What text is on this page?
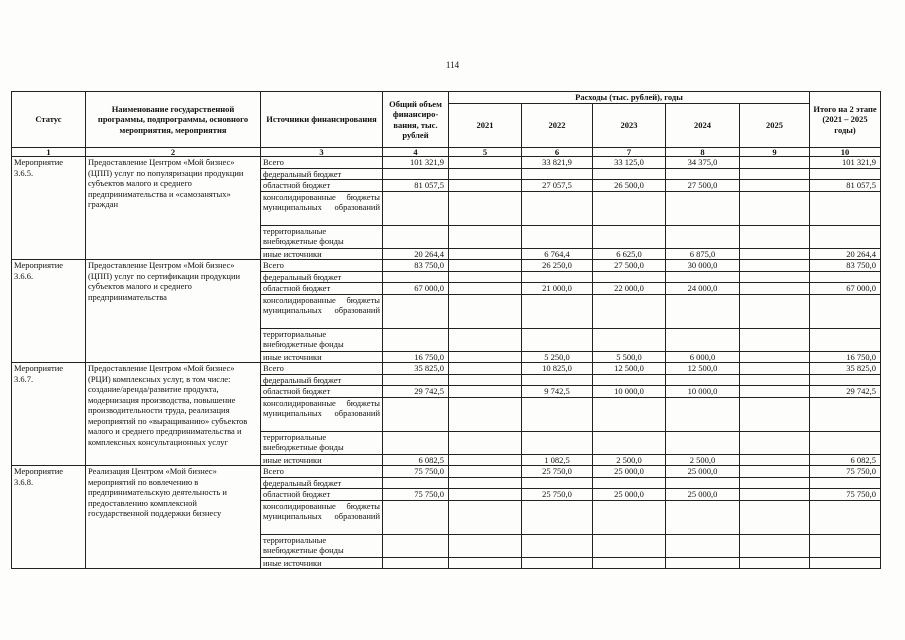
114
Статус	Наименование государственной программы, подпрограммы, основного мероприятия, мероприятия	Источники финансирования	Общий объем финансиро-вания, тыс. рублей	Расходы (тыс. рублей), годы					Итого на 2 этапе (2021 – 2025 годы)
				2021	2022	2023	2024	2025	
1	2	3	4	5	6	7	8	9	10
Мероприятие 3.6.5.	Предоставление Центром «Мой бизнес» (ЦПП) услуг по популяризации продукции субъектов малого и среднего предпринимательства и «самозанятых» граждан	Всего	101 321,9		33 821,9	33 125,0	34 375,0		101 321,9
		федеральный бюджет							
		областной бюджет	81 057,5		27 057,5	26 500,0	27 500,0		81 057,5
		консолидированные бюджеты муниципальных образований							
		территориальные внебюджетные фонды							
		иные источники	20 264,4		6 764,4	6 625,0	6 875,0		20 264,4
Мероприятие 3.6.6.	Предоставление Центром «Мой бизнес» (ЦПП) услуг по сертификации продукции субъектов малого и среднего предпринимательства	Всего	83 750,0		26 250,0	27 500,0	30 000,0		83 750,0
		федеральный бюджет							
		областной бюджет	67 000,0		21 000,0	22 000,0	24 000,0		67 000,0
		консолидированные бюджеты муниципальных образований							
		территориальные внебюджетные фонды							
		иные источники	16 750,0		5 250,0	5 500,0	6 000,0		16 750,0
Мероприятие 3.6.7.	Предоставление Центром «Мой бизнес» (РЦИ) комплексных услуг, в том числе: создание/аренда/развитие продукта, модернизация производства, повышение производительности труда, реализация мероприятий по «выращиванию» субъектов малого и среднего предпринимательства и комплексных консультационных услуг	Всего	35 825,0		10 825,0	12 500,0	12 500,0		35 825,0
		федеральный бюджет							
		областной бюджет	29 742,5		9 742,5	10 000,0	10 000,0		29 742,5
		консолидированные бюджеты муниципальных образований							
		территориальные внебюджетные фонды							
		иные источники	6 082,5		1 082,5	2 500,0	2 500,0		6 082,5
Мероприятие 3.6.8.	Реализация Центром «Мой бизнес» мероприятий по вовлечению в предпринимательскую деятельность и предоставлению комплексной государственной поддержки бизнесу	Всего	75 750,0		25 750,0	25 000,0	25 000,0		75 750,0
		федеральный бюджет							
		областной бюджет	75 750,0		25 750,0	25 000,0	25 000,0		75 750,0
		консолидированные бюджеты муниципальных образований							
		территориальные внебюджетные фонды							
		иные источники							
